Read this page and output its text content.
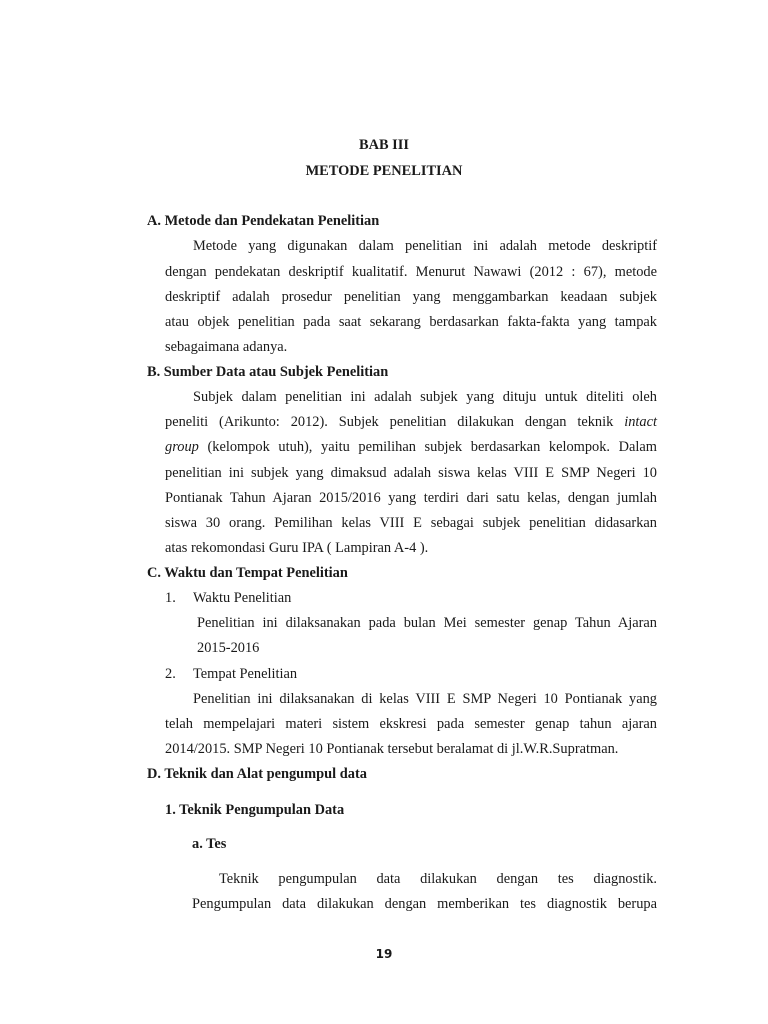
BAB III
METODE PENELITIAN
A. Metode dan Pendekatan Penelitian
Metode yang digunakan dalam penelitian ini adalah metode deskriptif
dengan pendekatan deskriptif kualitatif. Menurut Nawawi (2012 : 67), metode
deskriptif adalah prosedur penelitian yang menggambarkan keadaan subjek
atau objek penelitian pada saat sekarang berdasarkan fakta-fakta yang tampak
sebagaimana adanya.
B. Sumber Data atau Subjek Penelitian
Subjek dalam penelitian ini adalah subjek yang dituju untuk diteliti oleh
peneliti (Arikunto: 2012). Subjek penelitian dilakukan dengan teknik intact
group (kelompok utuh), yaitu pemilihan subjek berdasarkan kelompok. Dalam
penelitian ini subjek yang dimaksud adalah siswa kelas VIII E SMP Negeri 10
Pontianak Tahun Ajaran 2015/2016 yang terdiri dari satu kelas, dengan jumlah
siswa 30 orang. Pemilihan kelas VIII E sebagai subjek penelitian didasarkan
atas rekomondasi Guru IPA ( Lampiran A-4 ).
C. Waktu dan Tempat Penelitian
1. Waktu Penelitian
Penelitian ini dilaksanakan pada bulan Mei semester genap Tahun Ajaran
2015-2016
2. Tempat Penelitian
Penelitian ini dilaksanakan di kelas VIII E SMP Negeri 10 Pontianak yang
telah mempelajari materi sistem ekskresi pada semester genap tahun ajaran
2014/2015. SMP Negeri 10 Pontianak tersebut beralamat di jl.W.R.Supratman.
D. Teknik dan Alat pengumpul data
1. Teknik Pengumpulan Data
a. Tes
Teknik pengumpulan data dilakukan dengan tes diagnostik.
Pengumpulan data dilakukan dengan memberikan tes diagnostik berupa
19
